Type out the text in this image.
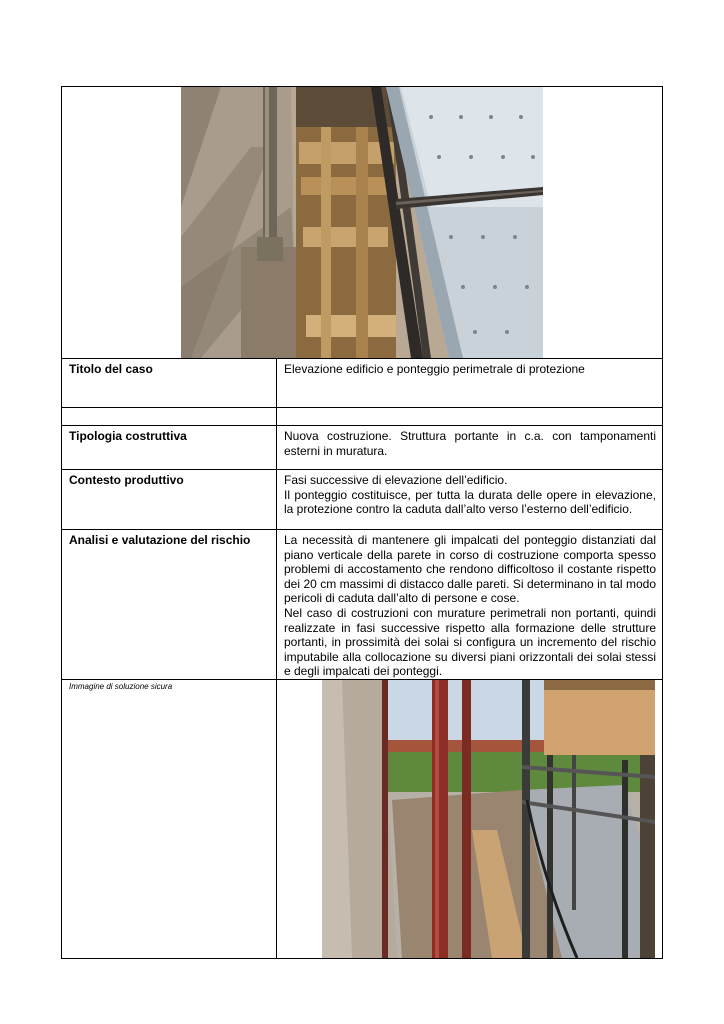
Titolo del caso	Elevazione edificio e ponteggio perimetrale di protezione

Tipologia costruttiva	Nuova costruzione. Struttura portante in c.a. con tamponamenti esterni in muratura.
Contesto produttivo	Fasi successive di elevazione dell’edificio.

Il ponteggio costituisce, per tutta la durata delle opere in elevazione, la protezione contro la caduta dall’alto verso l’esterno dell’edificio.

Analisi e valutazione del rischio	La necessità di mantenere gli impalcati del ponteggio distanziati dal piano verticale della parete in corso di costruzione comporta spesso problemi di accostamento che rendono difficoltoso il costante rispetto dei 20 cm massimi di distacco dalle pareti. Si determinano in tal modo pericoli di caduta dall’alto di persone e cose.

Nel caso di costruzioni con murature perimetrali non portanti, quindi realizzate in fasi successive rispetto alla formazione delle strutture portanti, in prossimità dei solai si configura un incremento del rischio imputabile alla collocazione su diversi piani orizzontali dei solai stessi e degli impalcati dei ponteggi.

Immagine di soluzione sicura	
